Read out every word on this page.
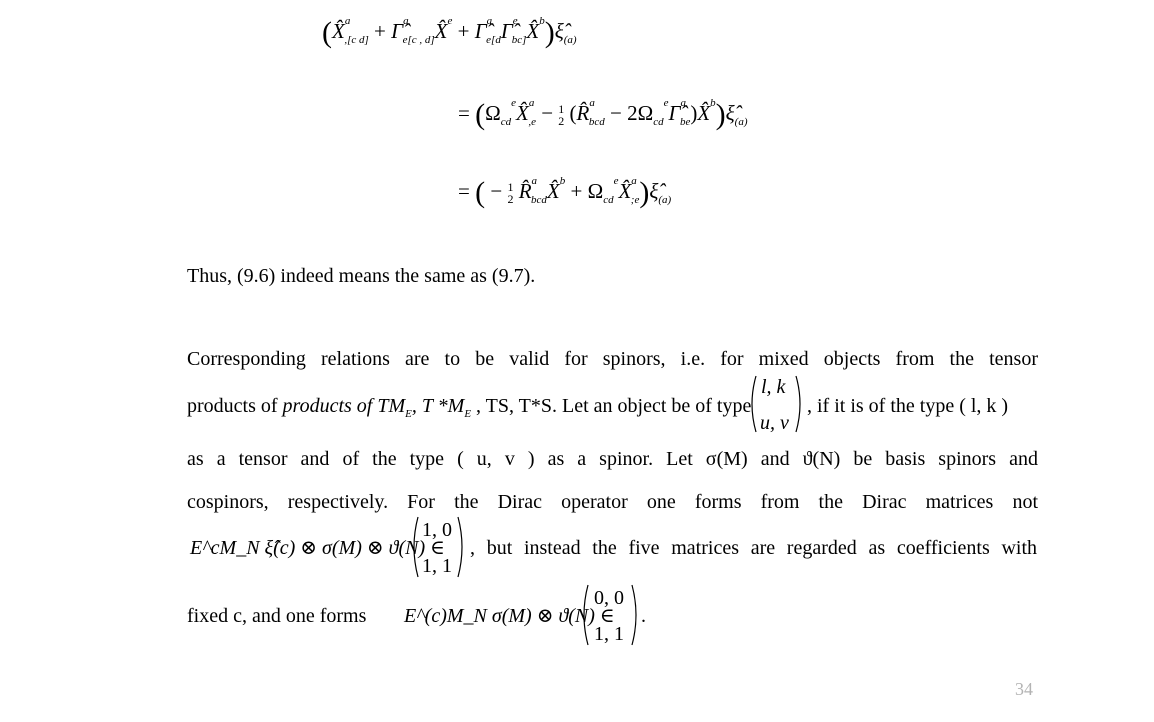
(X̂$^a_{,[c d]}$ + Γ̂$^a_{e[c , d]}$X̂$^e$ + $\Gammâ^a_{e[d}\Gammâ^e_{bc]}X̂^b)\xî_{(a)}$
= ($\Omega_{cd}^eX̂^a_{,e} - 1$
2 (R̂$^a_{bcd}$ − $2\Omega_{cd}^e\Gammâ^a_{be})X̂^b)\xî_{(a)}$
= ( − 1
2 R̂$^a_{bcd}$X̂$^b$ + $\Omega_{cd}^eX̂^a_{;e})\xî_{(a)}$
Thus, (9.6) indeed means the same as (9.7).
Corresponding relations are to be valid for spinors, i.e. for mixed objects from the tensor
products of products of $TM_E$, T $*M_E$ , TS, T*S. Let an object be of type
l, k
u, v
, if it is of the type ( l, k )
as a tensor and of the type ( u, v ) as a spinor. Let σ(M) and ϑ(N) be basis spinors and
cospinors, respectively. For the Dirac operator one forms from the Dirac matrices not
E^cM_N ξ̂(c) ⊗ σ(M) ⊗ ϑ(N) ∈
1, 0
1, 1
, but instead the five matrices are regarded as coefficients with
fixed c, and one forms E^(c)M_N σ(M) ⊗ ϑ(N) ∈
0, 0
1, 1
.
34
